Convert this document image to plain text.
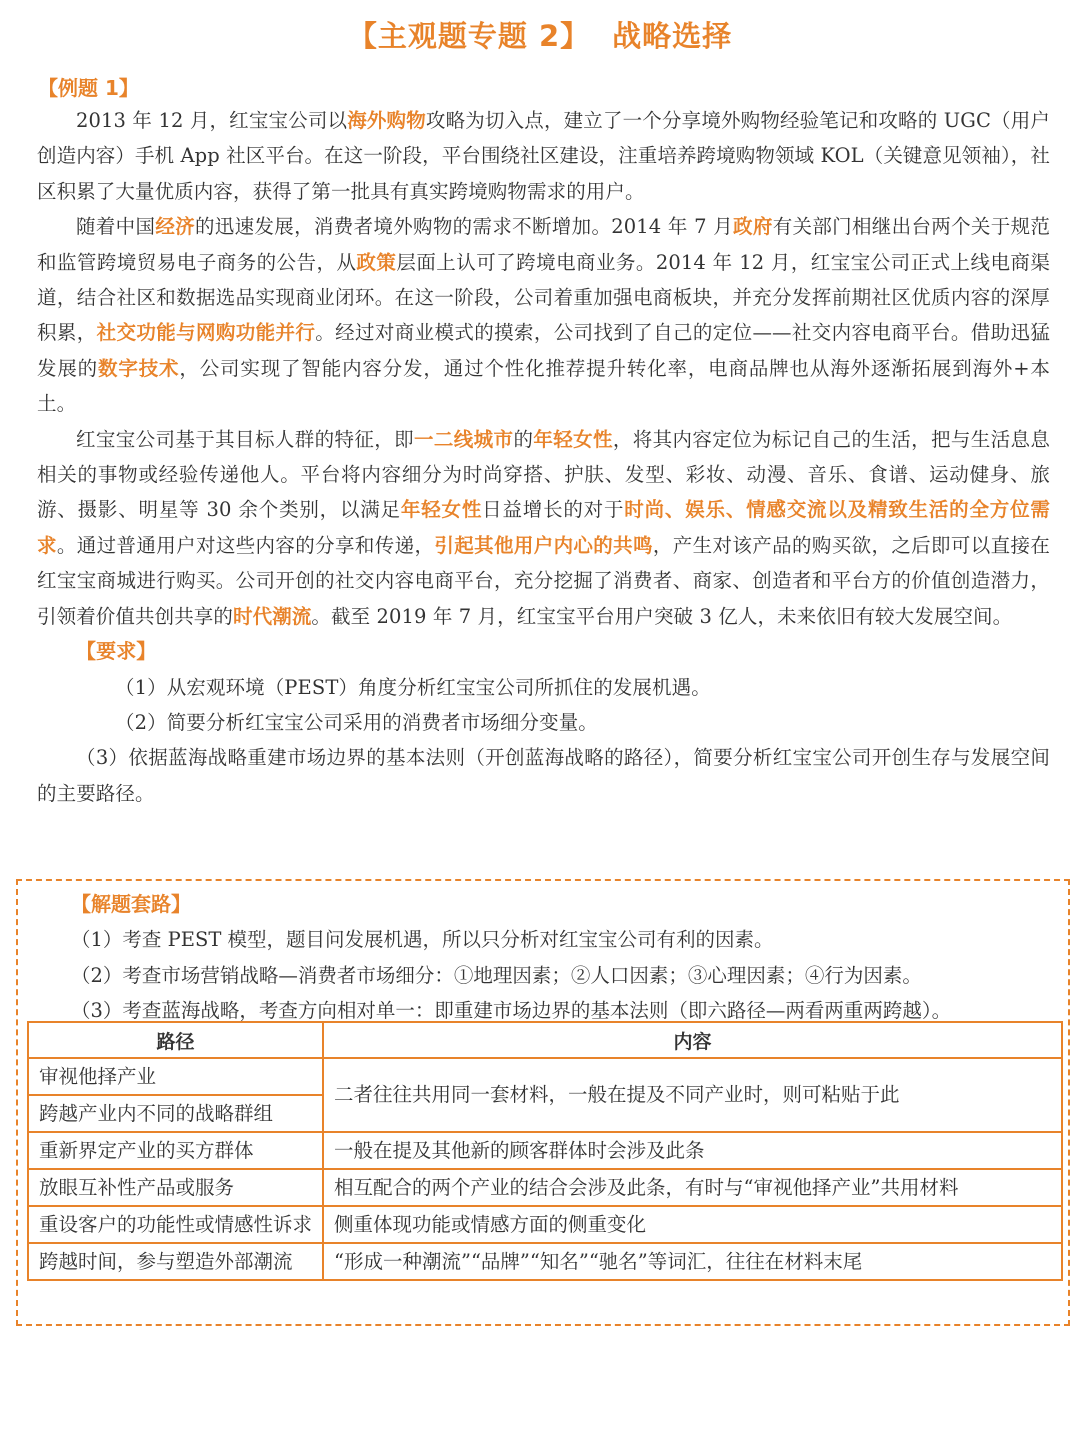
【主观题专题 2】 战略选择
【例题 1】

2013 年 12 月，红宝宝公司以海外购物攻略为切入点，建立了一个分享境外购物经验笔记和攻略的 UGC（用户创造内容）手机 App 社区平台。在这一阶段，平台围绕社区建设，注重培养跨境购物领域 KOL（关键意见领袖），社区积累了大量优质内容，获得了第一批具有真实跨境购物需求的用户。

随着中国经济的迅速发展，消费者境外购物的需求不断增加。2014 年 7 月政府有关部门相继出台两个关于规范和监管跨境贸易电子商务的公告，从政策层面上认可了跨境电商业务。2014 年 12 月，红宝宝公司正式上线电商渠道，结合社区和数据选品实现商业闭环。在这一阶段，公司着重加强电商板块，并充分发挥前期社区优质内容的深厚积累，社交功能与网购功能并行。经过对商业模式的摸索，公司找到了自己的定位——社交内容电商平台。借助迅猛发展的数字技术，公司实现了智能内容分发，通过个性化推荐提升转化率，电商品牌也从海外逐渐拓展到海外+本土。

红宝宝公司基于其目标人群的特征，即一二线城市的年轻女性，将其内容定位为标记自己的生活，把与生活息息相关的事物或经验传递他人。平台将内容细分为时尚穿搭、护肤、发型、彩妆、动漫、音乐、食谱、运动健身、旅游、摄影、明星等 30 余个类别，以满足年轻女性日益增长的对于时尚、娱乐、情感交流以及精致生活的全方位需求。通过普通用户对这些内容的分享和传递，引起其他用户内心的共鸣，产生对该产品的购买欲，之后即可以直接在红宝宝商城进行购买。公司开创的社交内容电商平台，充分挖掘了消费者、商家、创造者和平台方的价值创造潜力，引领着价值共创共享的时代潮流。截至 2019 年 7 月，红宝宝平台用户突破 3 亿人，未来依旧有较大发展空间。

【要求】

（1）从宏观环境（PEST）角度分析红宝宝公司所抓住的发展机遇。

（2）简要分析红宝宝公司采用的消费者市场细分变量。

（3）依据蓝海战略重建市场边界的基本法则（开创蓝海战略的路径），简要分析红宝宝公司开创生存与发展空间的主要路径。

【解题套路】
（1）考查 PEST 模型，题目问发展机遇，所以只分析对红宝宝公司有利的因素。
（2）考查市场营销战略—消费者市场细分：①地理因素；②人口因素；③心理因素；④行为因素。
（3）考查蓝海战略，考查方向相对单一：即重建市场边界的基本法则（即六路径—两看两重两跨越）。
路径	内容
审视他择产业	二者往往共用同一套材料，一般在提及不同产业时，则可粘贴于此
跨越产业内不同的战略群组	
重新界定产业的买方群体	一般在提及其他新的顾客群体时会涉及此条
放眼互补性产品或服务	相互配合的两个产业的结合会涉及此条，有时与“审视他择产业”共用材料
重设客户的功能性或情感性诉求	侧重体现功能或情感方面的侧重变化
跨越时间，参与塑造外部潮流	“形成一种潮流”“品牌”“知名”“驰名”等词汇，往往在材料末尾
